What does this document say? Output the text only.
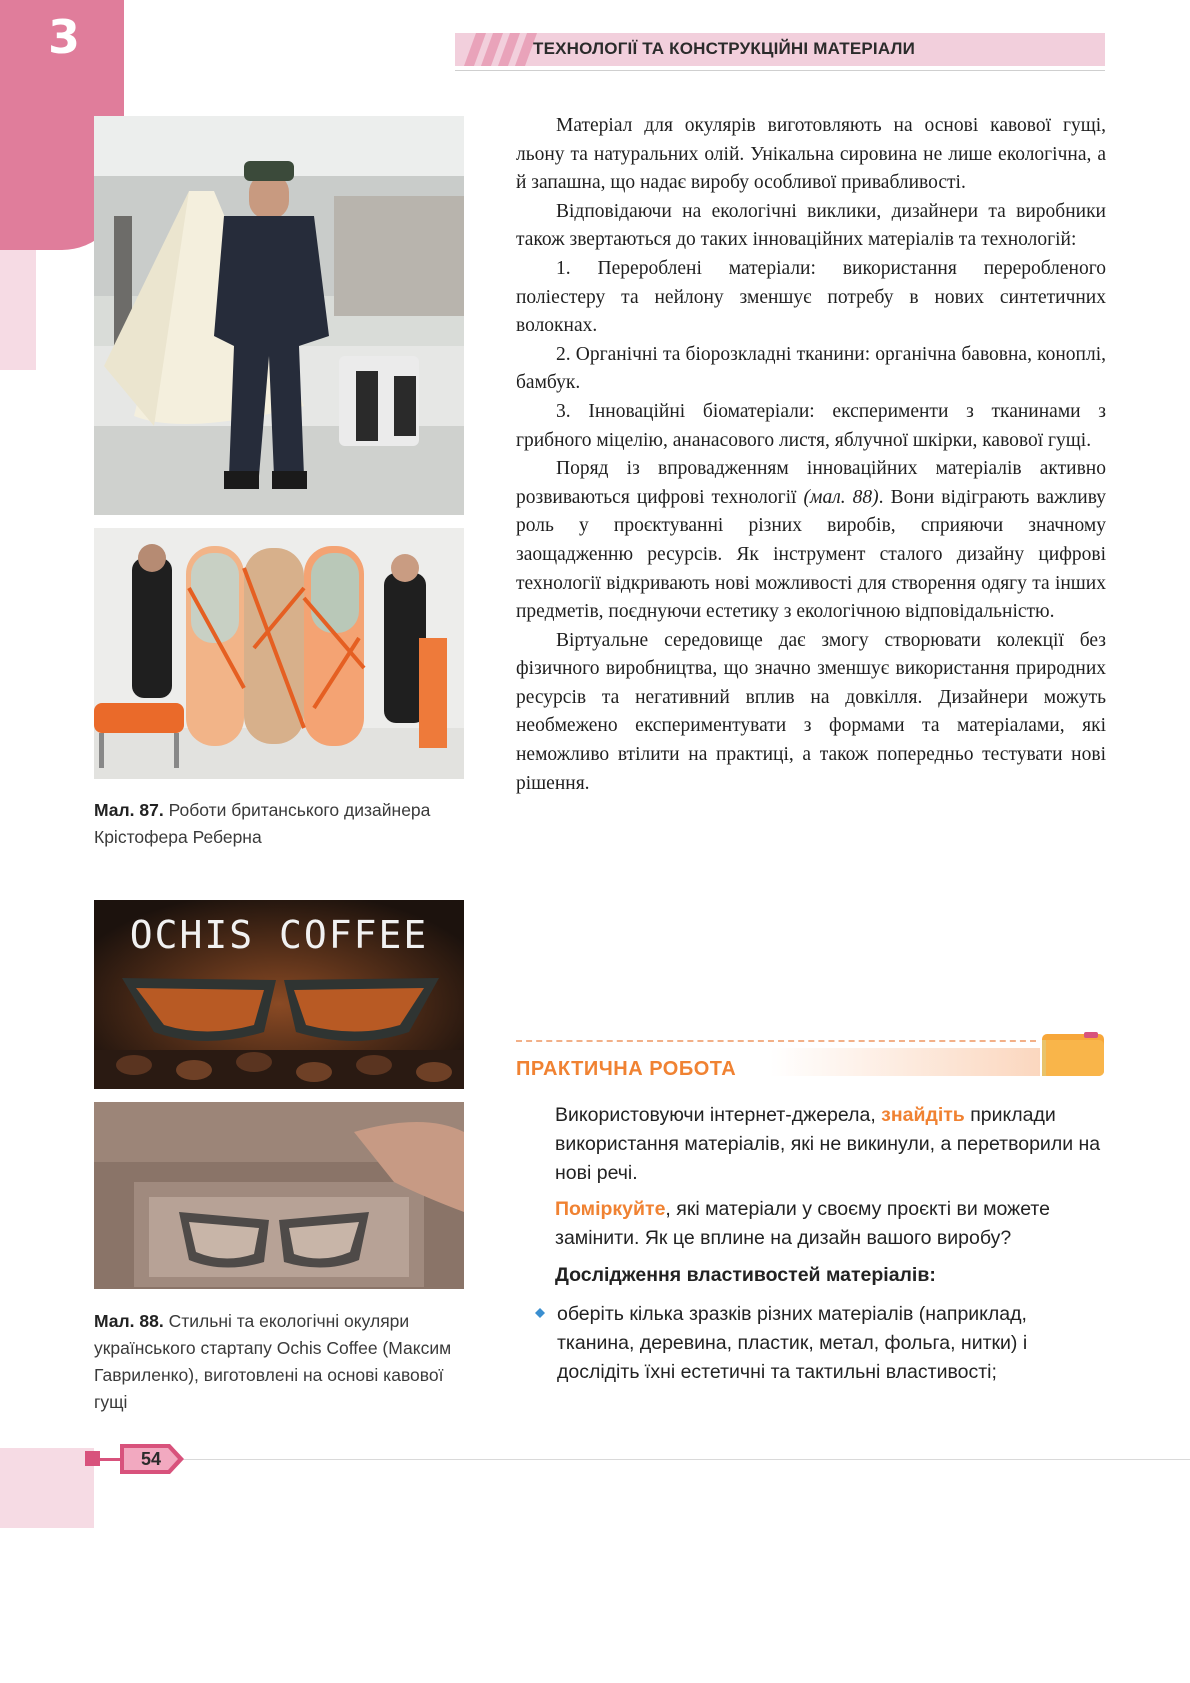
3	ТЕХНОЛОГІЇ ТА КОНСТРУКЦІЙНІ МАТЕРІАЛИ
Мал. 87. Роботи британського дизайнера Крістофера Реберна
OCHIS COFFEE
Мал. 88. Стильні та екологічні окуляри українського стартапу Ochis Coffee (Максим Гавриленко), виготовлені на основі кавової гущі

Матеріал для окулярів виготовляють на основі кавової гущі, льону та натуральних олій. Унікальна сировина не лише екологічна, а й запашна, що надає виробу особливої привабливості.

Відповідаючи на екологічні виклики, дизайнери та виробники також звертаються до таких інноваційних матеріалів та технологій:

1. Перероблені матеріали: використання переробленого поліестеру та нейлону зменшує потребу в нових синтетичних волокнах.

2. Органічні та біорозкладні тканини: органічна бавовна, коноплі, бамбук.

3. Інноваційні біоматеріали: експерименти з тканинами з грибного міцелію, ананасового листя, яблучної шкірки, кавової гущі.

Поряд із впровадженням інноваційних матеріалів активно розвиваються цифрові технології (мал. 88). Вони відіграють важливу роль у проєктуванні різних виробів, сприяючи значному заощадженню ресурсів. Як інструмент сталого дизайну цифрові технології відкривають нові можливості для створення одягу та інших предметів, поєднуючи естетику з екологічною відповідальністю.

Віртуальне середовище дає змогу створювати колекції без фізичного виробництва, що значно зменшує використання природних ресурсів та негативний вплив на довкілля. Дизайнери можуть необмежено експериментувати з формами та матеріалами, які неможливо втілити на практиці, а також попередньо тестувати нові рішення.

ПРАКТИЧНА РОБОТА
Використовуючи інтернет-джерела, знайдіть приклади використання матеріалів, які не викинули, а перетворили на нові речі.
Поміркуйте, які матеріали у своєму проєкті ви можете замінити. Як це вплине на дизайн вашого виробу?
Дослідження властивостей матеріалів:
оберіть кілька зразків різних матеріалів (наприклад, тканина, деревина, пластик, метал, фольга, нитки) і дослідіть їхні естетичні та тактильні властивості;
54
